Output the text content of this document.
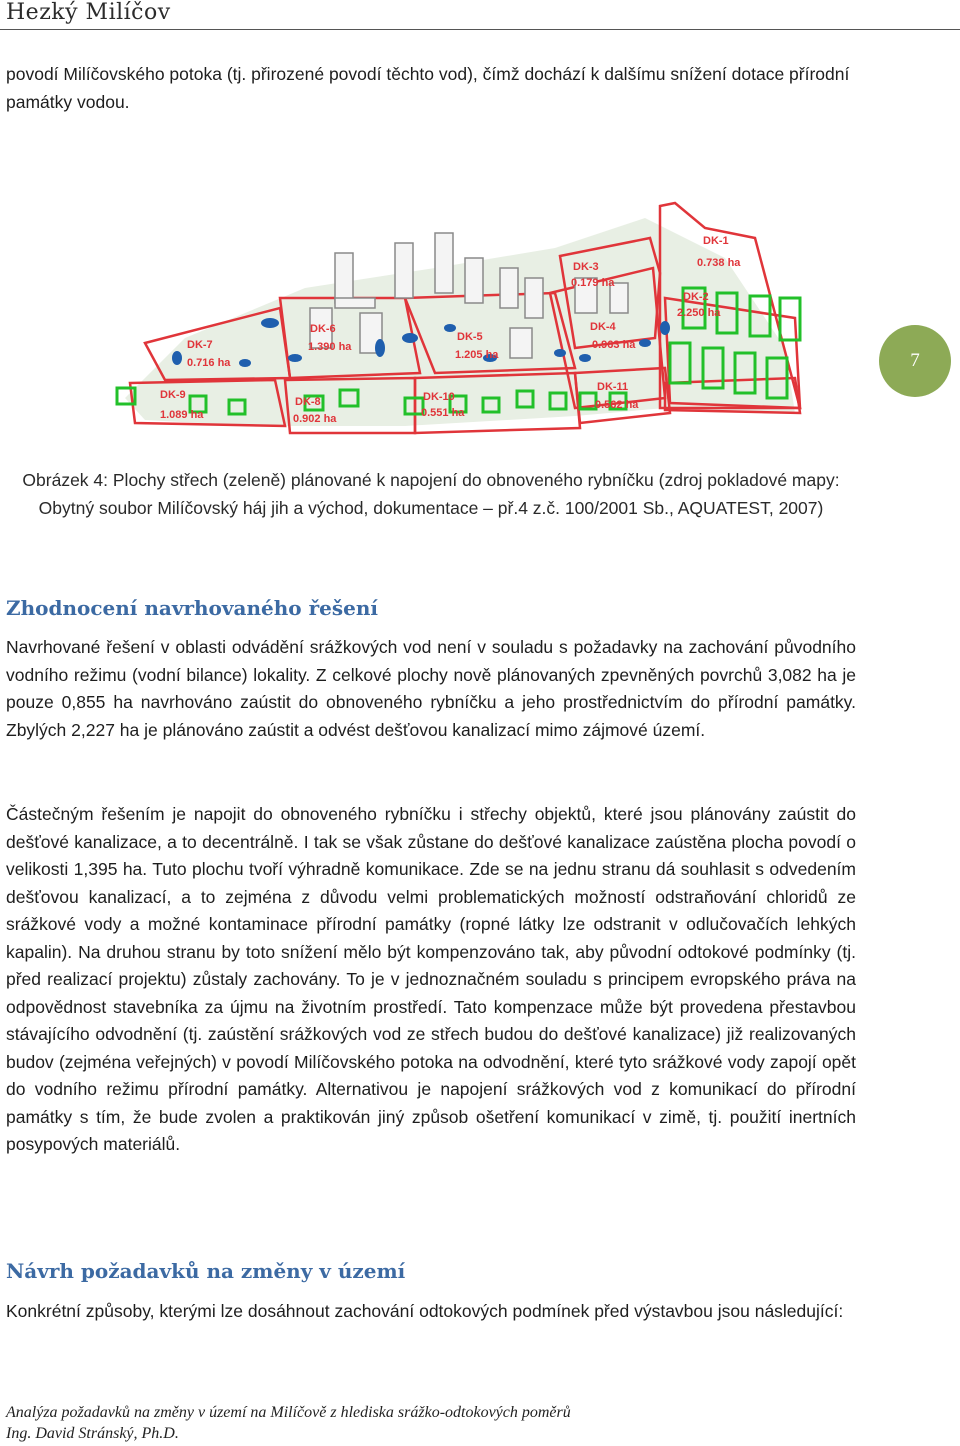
Hezký Milíčov
povodí Milíčovského potoka (tj. přirozené povodí těchto vod), čímž dochází k dalšímu snížení dotace přírodní památky vodou.
DK-1
0.738 ha
DK-2
2.250 ha
DK-3
0.179 ha
DK-4
0.963 ha
DK-5
1.205 ha
DK-6
1.390 ha
DK-7
0.716 ha
DK-8
0.902 ha
DK-9
1.089 ha
DK-10
0.551 ha
DK-11
0.562 ha
7
Obrázek 4: Plochy střech (zeleně) plánované k napojení do obnoveného rybníčku (zdroj pokladové mapy: Obytný soubor Milíčovský háj jih a východ, dokumentace – př.4 z.č. 100/2001 Sb., AQUATEST, 2007)
Zhodnocení navrhovaného řešení
Navrhované řešení v oblasti odvádění srážkových vod není v souladu s požadavky na zachování původního vodního režimu (vodní bilance) lokality. Z celkové plochy nově plánovaných zpevněných povrchů 3,082 ha je pouze 0,855 ha navrhováno zaústit do obnoveného rybníčku a jeho prostřednictvím do přírodní památky. Zbylých 2,227 ha je plánováno zaústit a odvést dešťovou kanalizací mimo zájmové území.
Částečným řešením je napojit do obnoveného rybníčku i střechy objektů, které jsou plánovány zaústit do dešťové kanalizace, a to decentrálně. I tak se však zůstane do dešťové kanalizace zaústěna plocha povodí o velikosti 1,395 ha. Tuto plochu tvoří výhradně komunikace. Zde se na jednu stranu dá souhlasit s odvedením dešťovou kanalizací, a to zejména z důvodu velmi problematických možností odstraňování chloridů ze srážkové vody a možné kontaminace přírodní památky (ropné látky lze odstranit v odlučovačích lehkých kapalin). Na druhou stranu by toto snížení mělo být kompenzováno tak, aby původní odtokové podmínky (tj. před realizací projektu) zůstaly zachovány. To je v jednoznačném souladu s principem evropského práva na odpovědnost stavebníka za újmu na životním prostředí. Tato kompenzace může být provedena přestavbou stávajícího odvodnění (tj. zaústění srážkových vod ze střech budou do dešťové kanalizace) již realizovaných budov (zejména veřejných) v povodí Milíčovského potoka na odvodnění, které tyto srážkové vody zapojí opět do vodního režimu přírodní památky. Alternativou je napojení srážkových vod z komunikací do přírodní památky s tím, že bude zvolen a praktikován jiný způsob ošetření komunikací v zimě, tj. použití inertních posypových materiálů.
Návrh požadavků na změny v území
Konkrétní způsoby, kterými lze dosáhnout zachování odtokových podmínek před výstavbou jsou následující:
Analýza požadavků na změny v území na Milíčově z hlediska srážko-odtokových poměrů
Ing. David Stránský, Ph.D.
